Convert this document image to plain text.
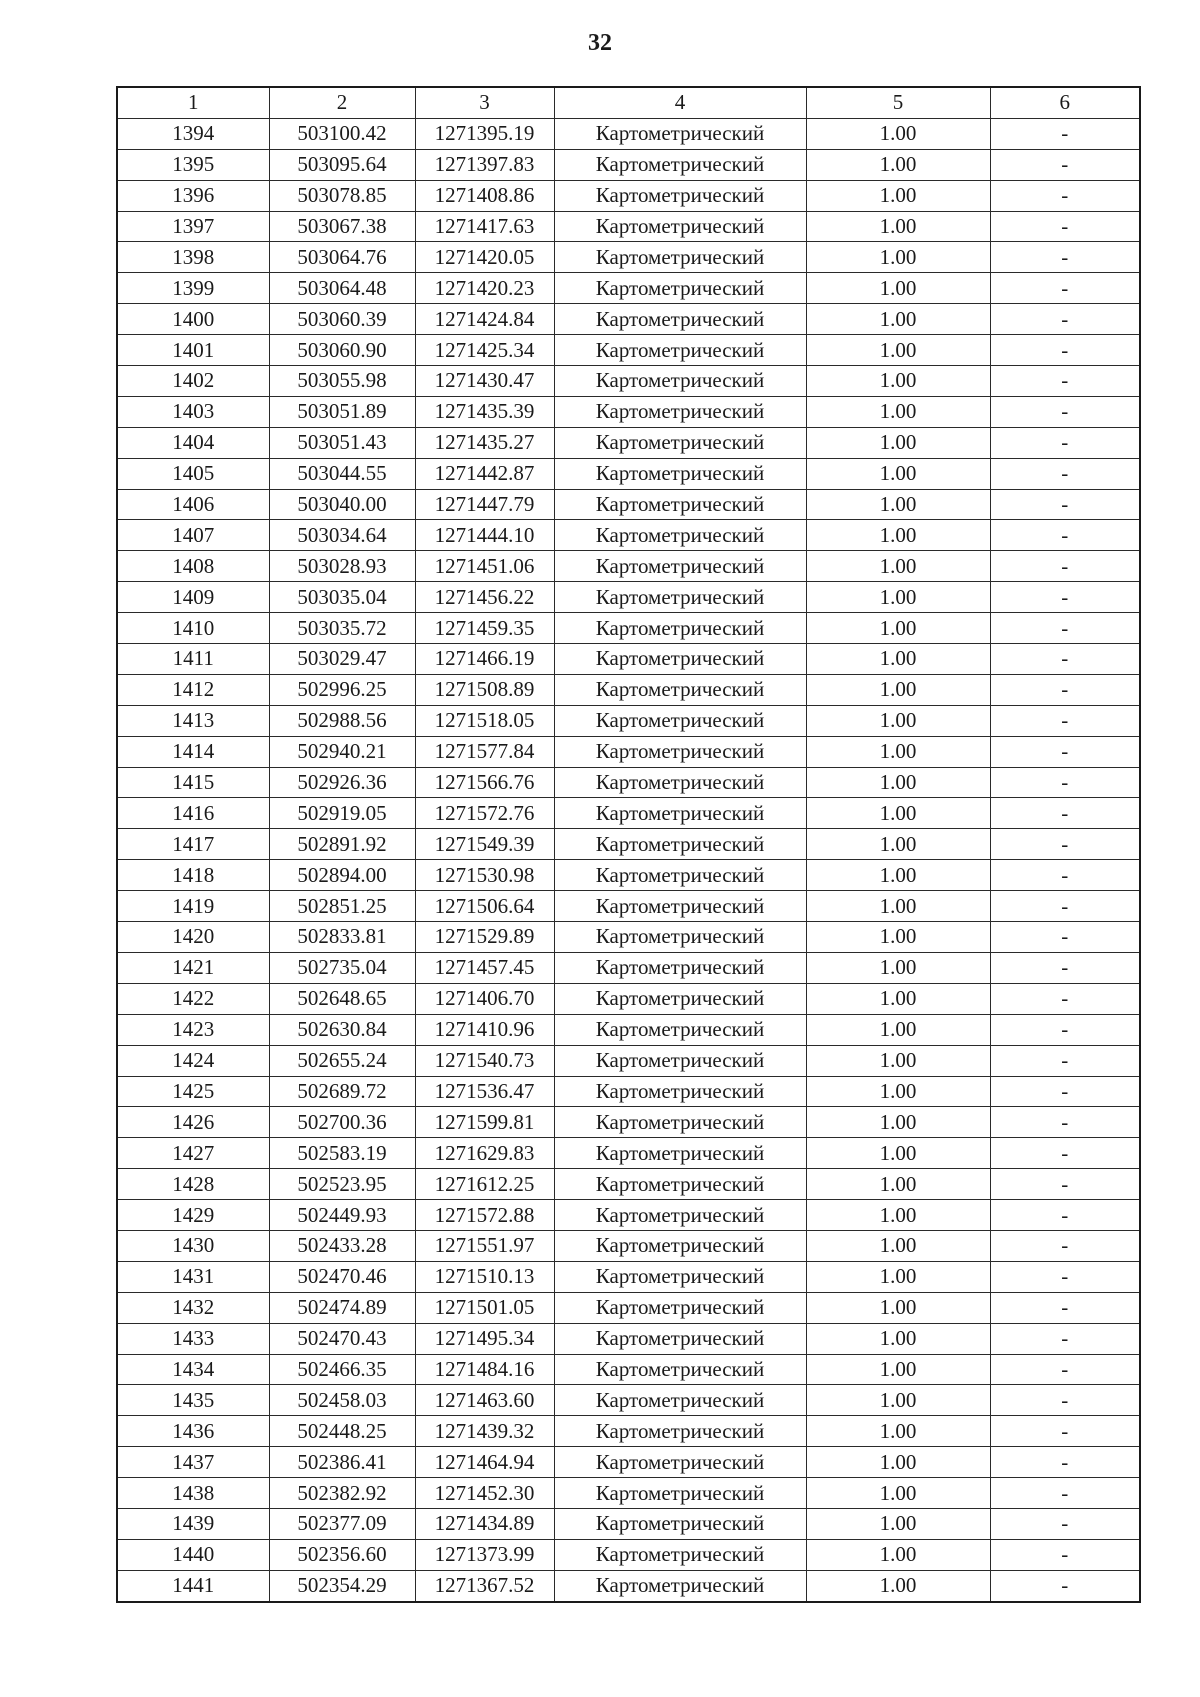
32
1	2	3	4	5	6
1394	503100.42	1271395.19	Картометрический	1.00	-
1395	503095.64	1271397.83	Картометрический	1.00	-
1396	503078.85	1271408.86	Картометрический	1.00	-
1397	503067.38	1271417.63	Картометрический	1.00	-
1398	503064.76	1271420.05	Картометрический	1.00	-
1399	503064.48	1271420.23	Картометрический	1.00	-
1400	503060.39	1271424.84	Картометрический	1.00	-
1401	503060.90	1271425.34	Картометрический	1.00	-
1402	503055.98	1271430.47	Картометрический	1.00	-
1403	503051.89	1271435.39	Картометрический	1.00	-
1404	503051.43	1271435.27	Картометрический	1.00	-
1405	503044.55	1271442.87	Картометрический	1.00	-
1406	503040.00	1271447.79	Картометрический	1.00	-
1407	503034.64	1271444.10	Картометрический	1.00	-
1408	503028.93	1271451.06	Картометрический	1.00	-
1409	503035.04	1271456.22	Картометрический	1.00	-
1410	503035.72	1271459.35	Картометрический	1.00	-
1411	503029.47	1271466.19	Картометрический	1.00	-
1412	502996.25	1271508.89	Картометрический	1.00	-
1413	502988.56	1271518.05	Картометрический	1.00	-
1414	502940.21	1271577.84	Картометрический	1.00	-
1415	502926.36	1271566.76	Картометрический	1.00	-
1416	502919.05	1271572.76	Картометрический	1.00	-
1417	502891.92	1271549.39	Картометрический	1.00	-
1418	502894.00	1271530.98	Картометрический	1.00	-
1419	502851.25	1271506.64	Картометрический	1.00	-
1420	502833.81	1271529.89	Картометрический	1.00	-
1421	502735.04	1271457.45	Картометрический	1.00	-
1422	502648.65	1271406.70	Картометрический	1.00	-
1423	502630.84	1271410.96	Картометрический	1.00	-
1424	502655.24	1271540.73	Картометрический	1.00	-
1425	502689.72	1271536.47	Картометрический	1.00	-
1426	502700.36	1271599.81	Картометрический	1.00	-
1427	502583.19	1271629.83	Картометрический	1.00	-
1428	502523.95	1271612.25	Картометрический	1.00	-
1429	502449.93	1271572.88	Картометрический	1.00	-
1430	502433.28	1271551.97	Картометрический	1.00	-
1431	502470.46	1271510.13	Картометрический	1.00	-
1432	502474.89	1271501.05	Картометрический	1.00	-
1433	502470.43	1271495.34	Картометрический	1.00	-
1434	502466.35	1271484.16	Картометрический	1.00	-
1435	502458.03	1271463.60	Картометрический	1.00	-
1436	502448.25	1271439.32	Картометрический	1.00	-
1437	502386.41	1271464.94	Картометрический	1.00	-
1438	502382.92	1271452.30	Картометрический	1.00	-
1439	502377.09	1271434.89	Картометрический	1.00	-
1440	502356.60	1271373.99	Картометрический	1.00	-
1441	502354.29	1271367.52	Картометрический	1.00	-
